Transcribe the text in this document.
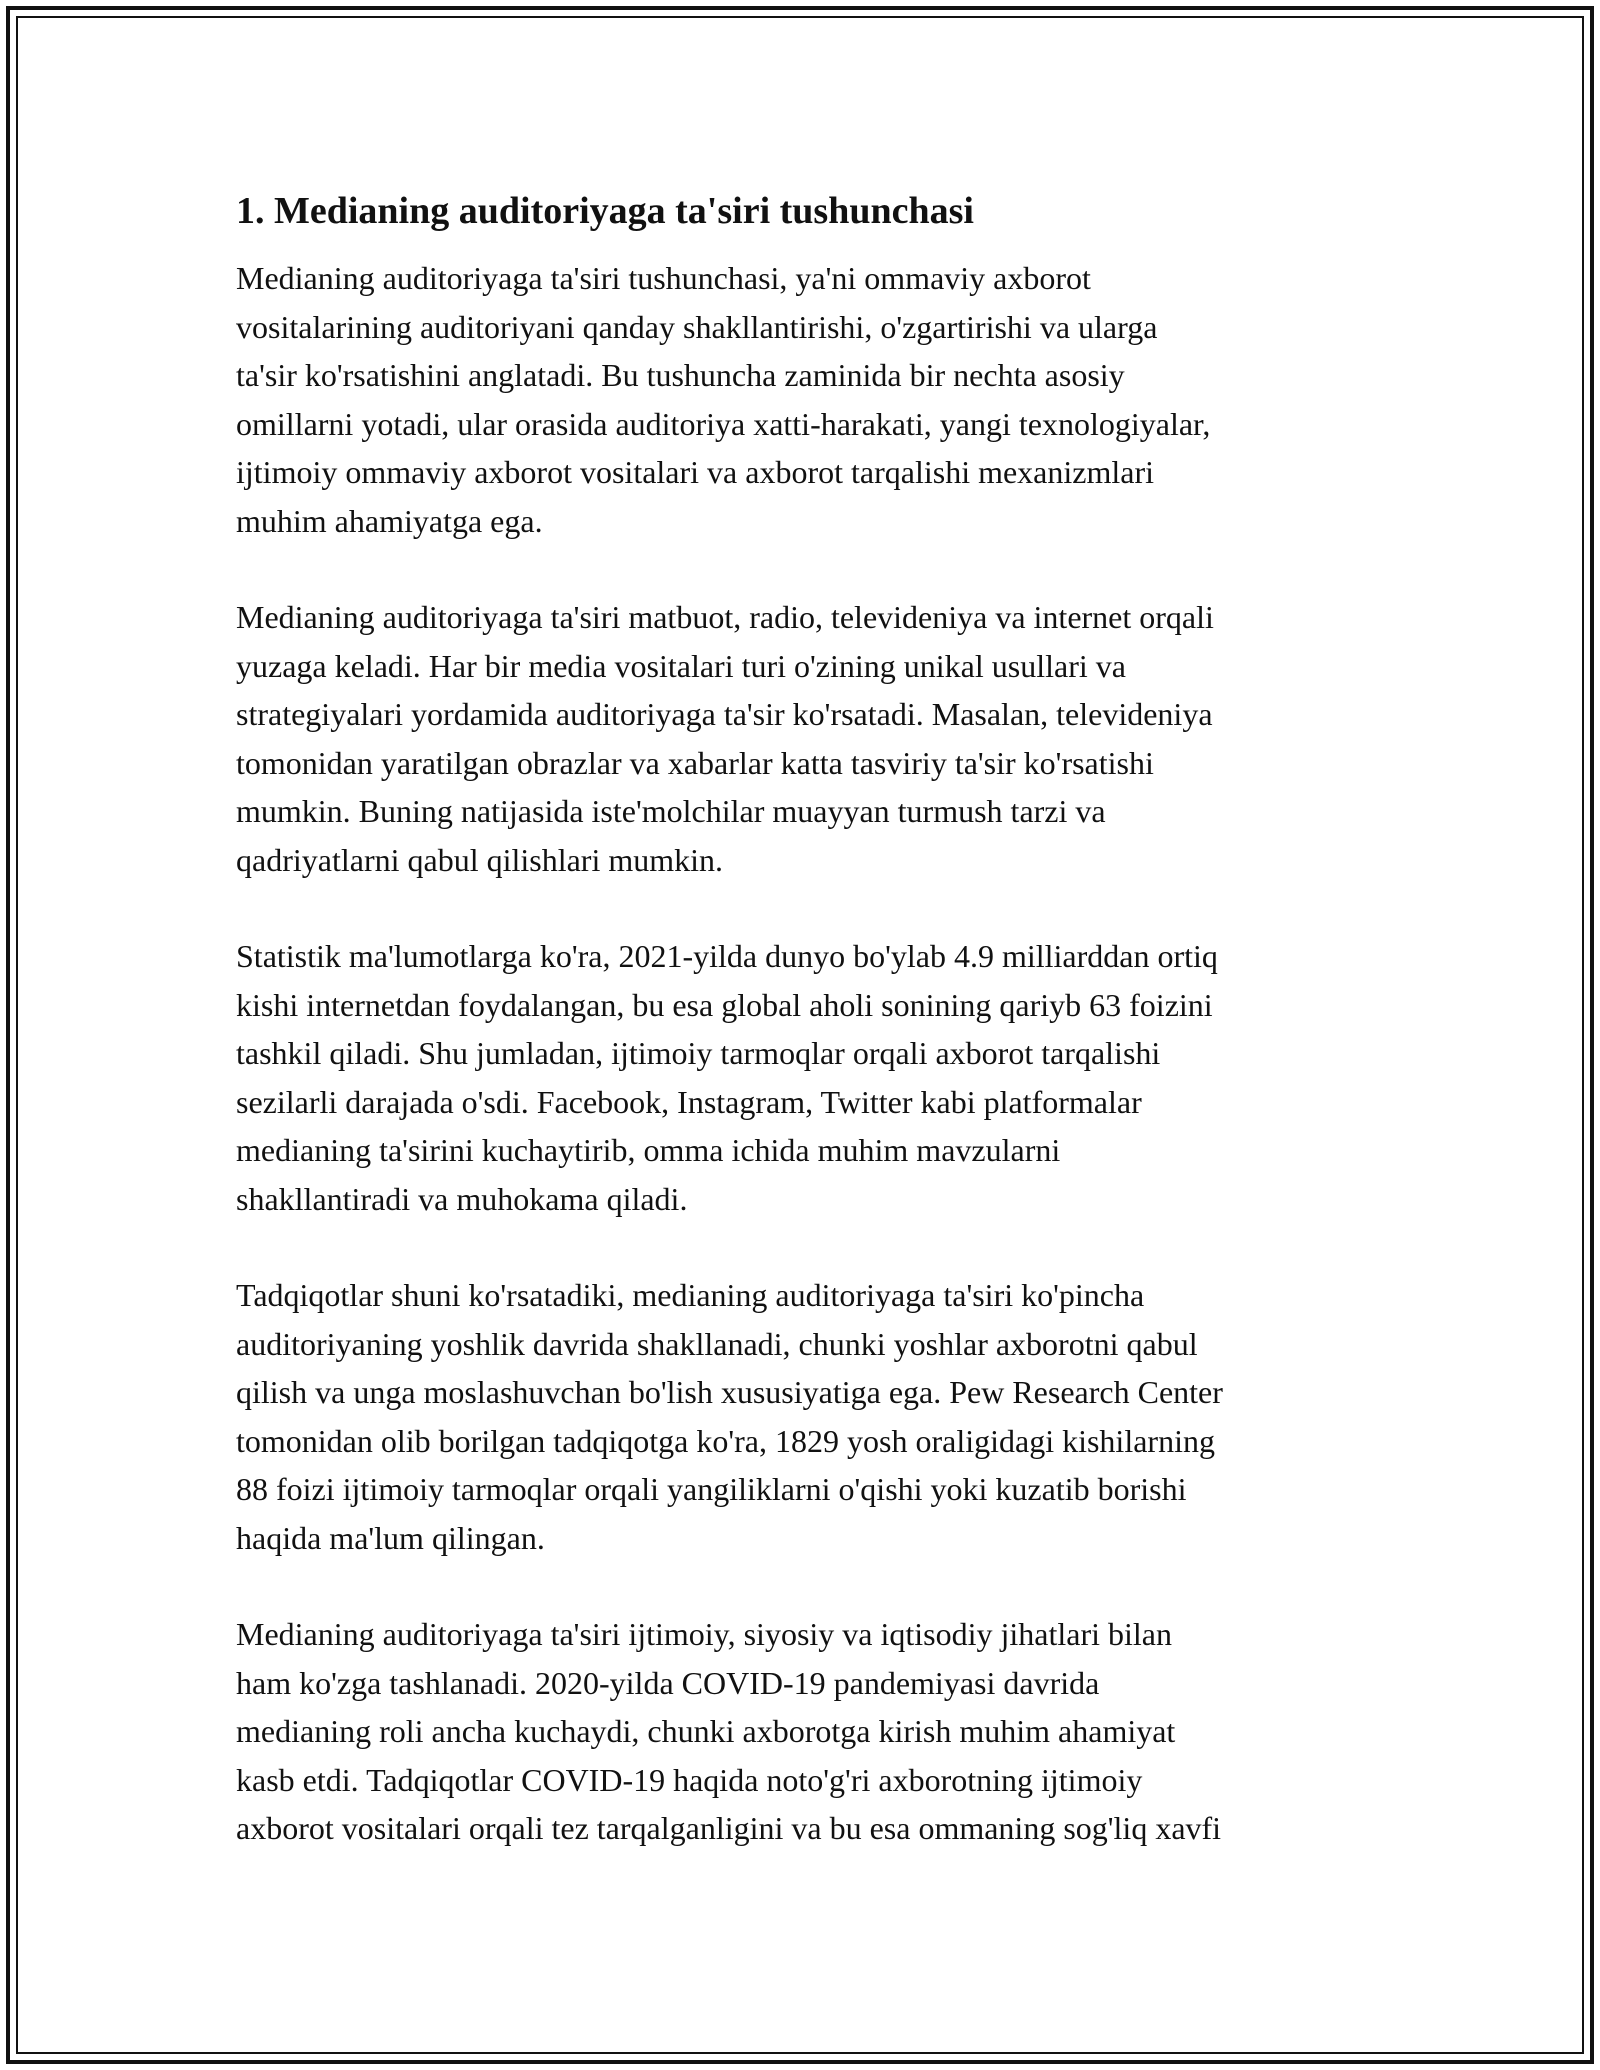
1. Medianing auditoriyaga ta'siri tushunchasi

Medianing auditoriyaga ta'siri tushunchasi, ya'ni ommaviy axborot
vositalarining auditoriyani qanday shakllantirishi, o'zgartirishi va ularga
ta'sir ko'rsatishini anglatadi. Bu tushuncha zaminida bir nechta asosiy
omillarni yotadi, ular orasida auditoriya xatti-harakati, yangi texnologiyalar,
ijtimoiy ommaviy axborot vositalari va axborot tarqalishi mexanizmlari
muhim ahamiyatga ega.

Medianing auditoriyaga ta'siri matbuot, radio, televideniya va internet orqali
yuzaga keladi. Har bir media vositalari turi o'zining unikal usullari va
strategiyalari yordamida auditoriyaga ta'sir ko'rsatadi. Masalan, televideniya
tomonidan yaratilgan obrazlar va xabarlar katta tasviriy ta'sir ko'rsatishi
mumkin. Buning natijasida iste'molchilar muayyan turmush tarzi va
qadriyatlarni qabul qilishlari mumkin.

Statistik ma'lumotlarga ko'ra, 2021-yilda dunyo bo'ylab 4.9 milliarddan ortiq
kishi internetdan foydalangan, bu esa global aholi sonining qariyb 63 foizini
tashkil qiladi. Shu jumladan, ijtimoiy tarmoqlar orqali axborot tarqalishi
sezilarli darajada o'sdi. Facebook, Instagram, Twitter kabi platformalar
medianing ta'sirini kuchaytirib, omma ichida muhim mavzularni
shakllantiradi va muhokama qiladi.

Tadqiqotlar shuni ko'rsatadiki, medianing auditoriyaga ta'siri ko'pincha
auditoriyaning yoshlik davrida shakllanadi, chunki yoshlar axborotni qabul
qilish va unga moslashuvchan bo'lish xususiyatiga ega. Pew Research Center
tomonidan olib borilgan tadqiqotga ko'ra, 1829 yosh oraligidagi kishilarning
88 foizi ijtimoiy tarmoqlar orqali yangiliklarni o'qishi yoki kuzatib borishi
haqida ma'lum qilingan.

Medianing auditoriyaga ta'siri ijtimoiy, siyosiy va iqtisodiy jihatlari bilan
ham ko'zga tashlanadi. 2020-yilda COVID-19 pandemiyasi davrida
medianing roli ancha kuchaydi, chunki axborotga kirish muhim ahamiyat
kasb etdi. Tadqiqotlar COVID-19 haqida noto'g'ri axborotning ijtimoiy
axborot vositalari orqali tez tarqalganligini va bu esa ommaning sog'liq xavfi
